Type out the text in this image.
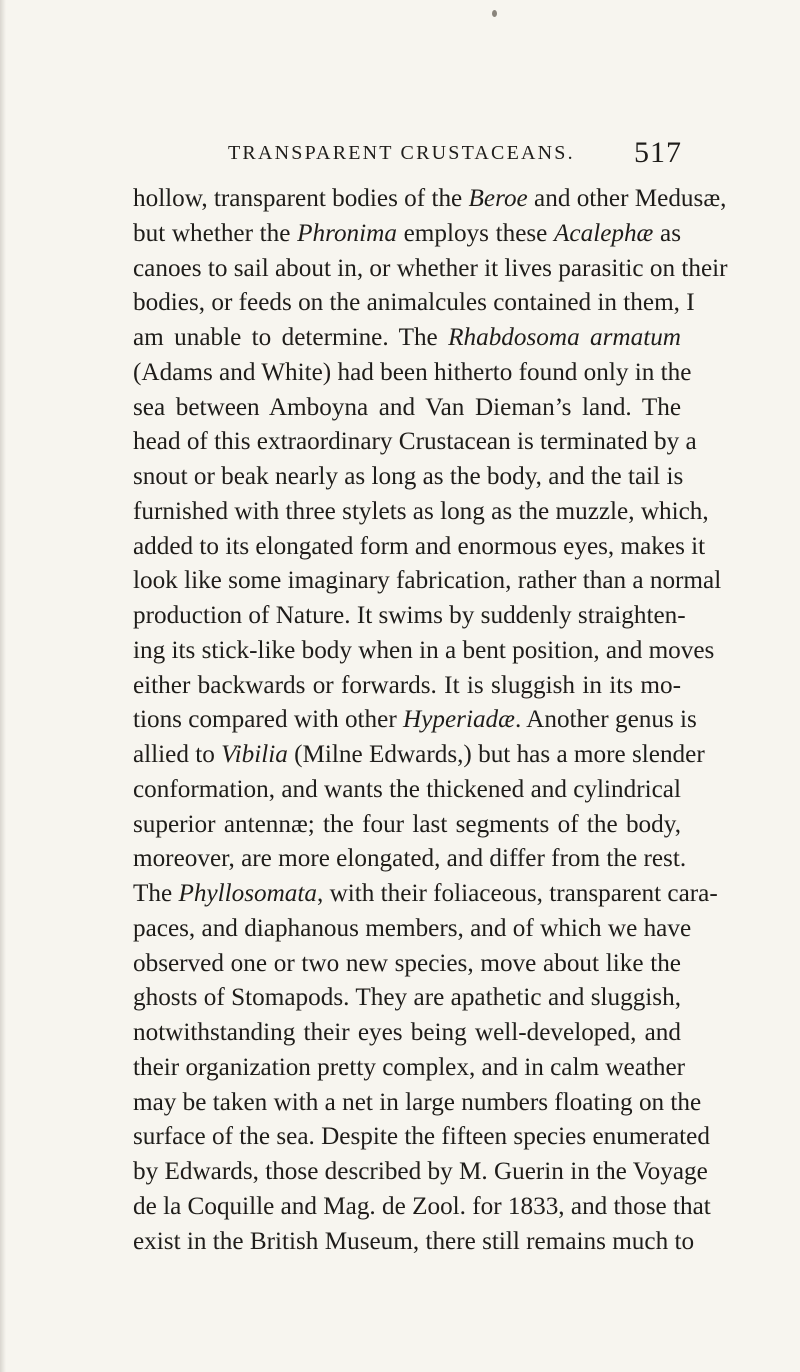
TRANSPARENT CRUSTACEANS. 517
hollow, transparent bodies of the Beroe and other Medusæ,
but whether the Phronima employs these Acalephæ as
canoes to sail about in, or whether it lives parasitic on their
bodies, or feeds on the animalcules contained in them, I
am unable to determine. The Rhabdosoma armatum
(Adams and White) had been hitherto found only in the
sea between Amboyna and Van Dieman’s land. The
head of this extraordinary Crustacean is terminated by a
snout or beak nearly as long as the body, and the tail is
furnished with three stylets as long as the muzzle, which,
added to its elongated form and enormous eyes, makes it
look like some imaginary fabrication, rather than a normal
production of Nature. It swims by suddenly straighten-
ing its stick-like body when in a bent position, and moves
either backwards or forwards. It is sluggish in its mo-
tions compared with other Hyperiadæ. Another genus is
allied to Vibilia (Milne Edwards,) but has a more slender
conformation, and wants the thickened and cylindrical
superior antennæ; the four last segments of the body,
moreover, are more elongated, and differ from the rest.
The Phyllosomata, with their foliaceous, transparent cara-
paces, and diaphanous members, and of which we have
observed one or two new species, move about like the
ghosts of Stomapods. They are apathetic and sluggish,
notwithstanding their eyes being well-developed, and
their organization pretty complex, and in calm weather
may be taken with a net in large numbers floating on the
surface of the sea. Despite the fifteen species enumerated
by Edwards, those described by M. Guerin in the Voyage
de la Coquille and Mag. de Zool. for 1833, and those that
exist in the British Museum, there still remains much to
